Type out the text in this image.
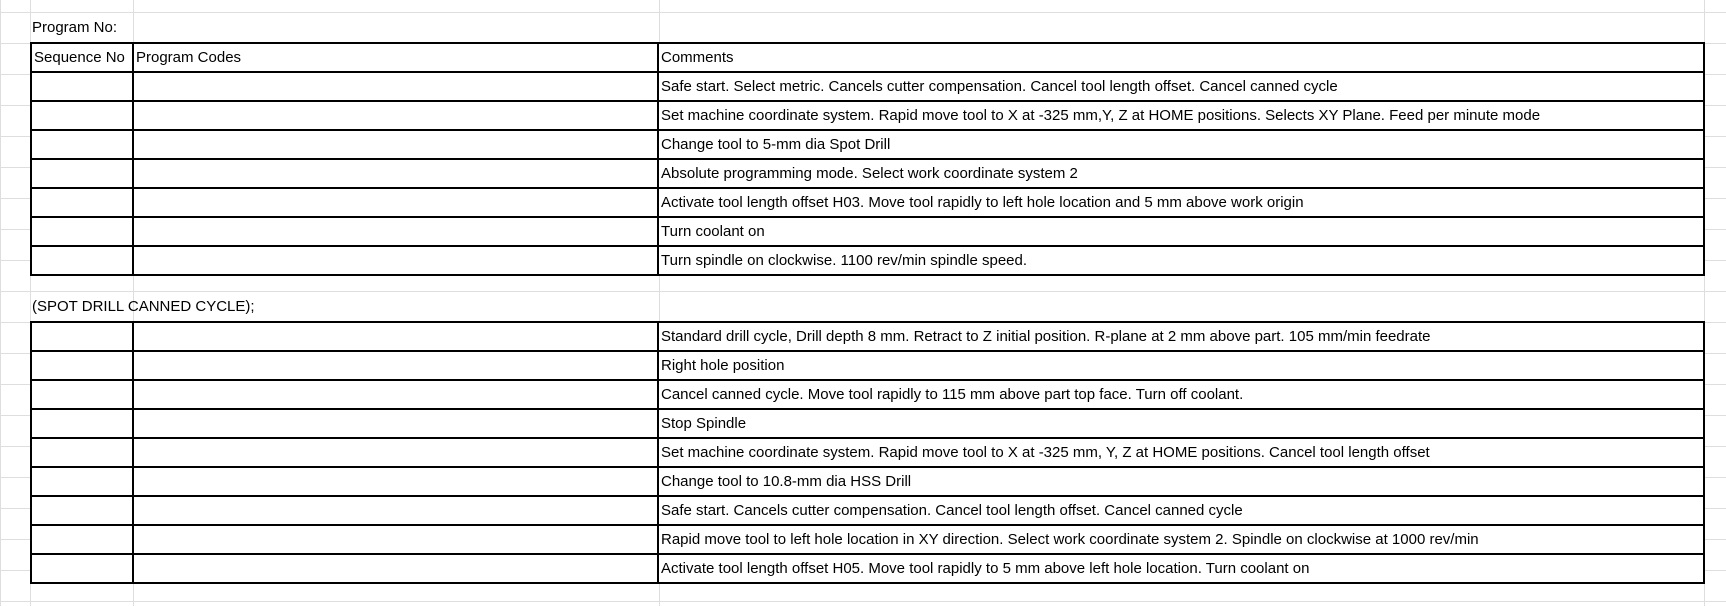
Program No:
Sequence No	Program Codes	Comments
		Safe start. Select metric. Cancels cutter compensation. Cancel tool length offset. Cancel canned cycle
		Set machine coordinate system. Rapid move tool to X at -325 mm,Y, Z at HOME positions. Selects XY Plane. Feed per minute mode
		Change tool to 5-mm dia Spot Drill
		Absolute programming mode. Select work coordinate system 2
		Activate tool length offset H03. Move tool rapidly to left hole location and 5 mm above work origin
		Turn coolant on
		Turn spindle on clockwise. 1100 rev/min spindle speed.
(SPOT DRILL CANNED CYCLE);
		Standard drill cycle, Drill depth 8 mm. Retract to Z initial position. R-plane at 2 mm above part. 105 mm/min feedrate
		Right hole position
		Cancel canned cycle. Move tool rapidly to 115 mm above part top face. Turn off coolant.
		Stop Spindle
		Set machine coordinate system. Rapid move tool to X at -325 mm, Y, Z at HOME positions. Cancel tool length offset
		Change tool to 10.8-mm dia HSS Drill
		Safe start. Cancels cutter compensation. Cancel tool length offset. Cancel canned cycle
		Rapid move tool to left hole location in XY direction. Select work coordinate system 2. Spindle on clockwise at 1000 rev/min
		Activate tool length offset H05. Move tool rapidly to 5 mm above left hole location. Turn coolant on
